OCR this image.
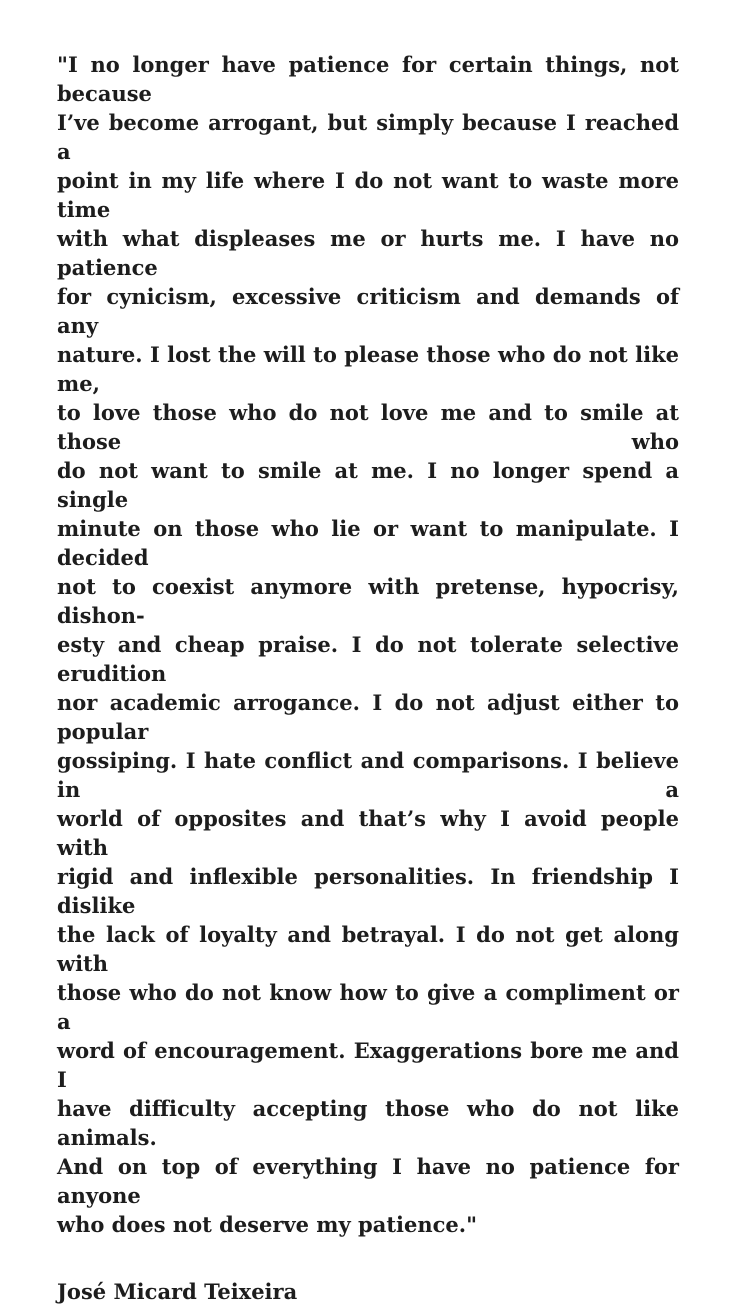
"I no longer have patience for certain things, not because
I’ve become arrogant, but simply because I reached a
point in my life where I do not want to waste more time
with what displeases me or hurts me. I have no patience
for cynicism, excessive criticism and demands of any
nature. I lost the will to please those who do not like me,
to love those who do not love me and to smile at those who
do not want to smile at me. I no longer spend a single
minute on those who lie or want to manipulate. I decided
not to coexist anymore with pretense, hypocrisy, dishon-
esty and cheap praise. I do not tolerate selective erudition
nor academic arrogance. I do not adjust either to popular
gossiping. I hate conflict and comparisons. I believe in a
world of opposites and that’s why I avoid people with
rigid and inflexible personalities. In friendship I dislike
the lack of loyalty and betrayal. I do not get along with
those who do not know how to give a compliment or a
word of encouragement. Exaggerations bore me and I
have difficulty accepting those who do not like animals.
And on top of everything I have no patience for anyone
who does not deserve my patience."
José Micard Teixeira
